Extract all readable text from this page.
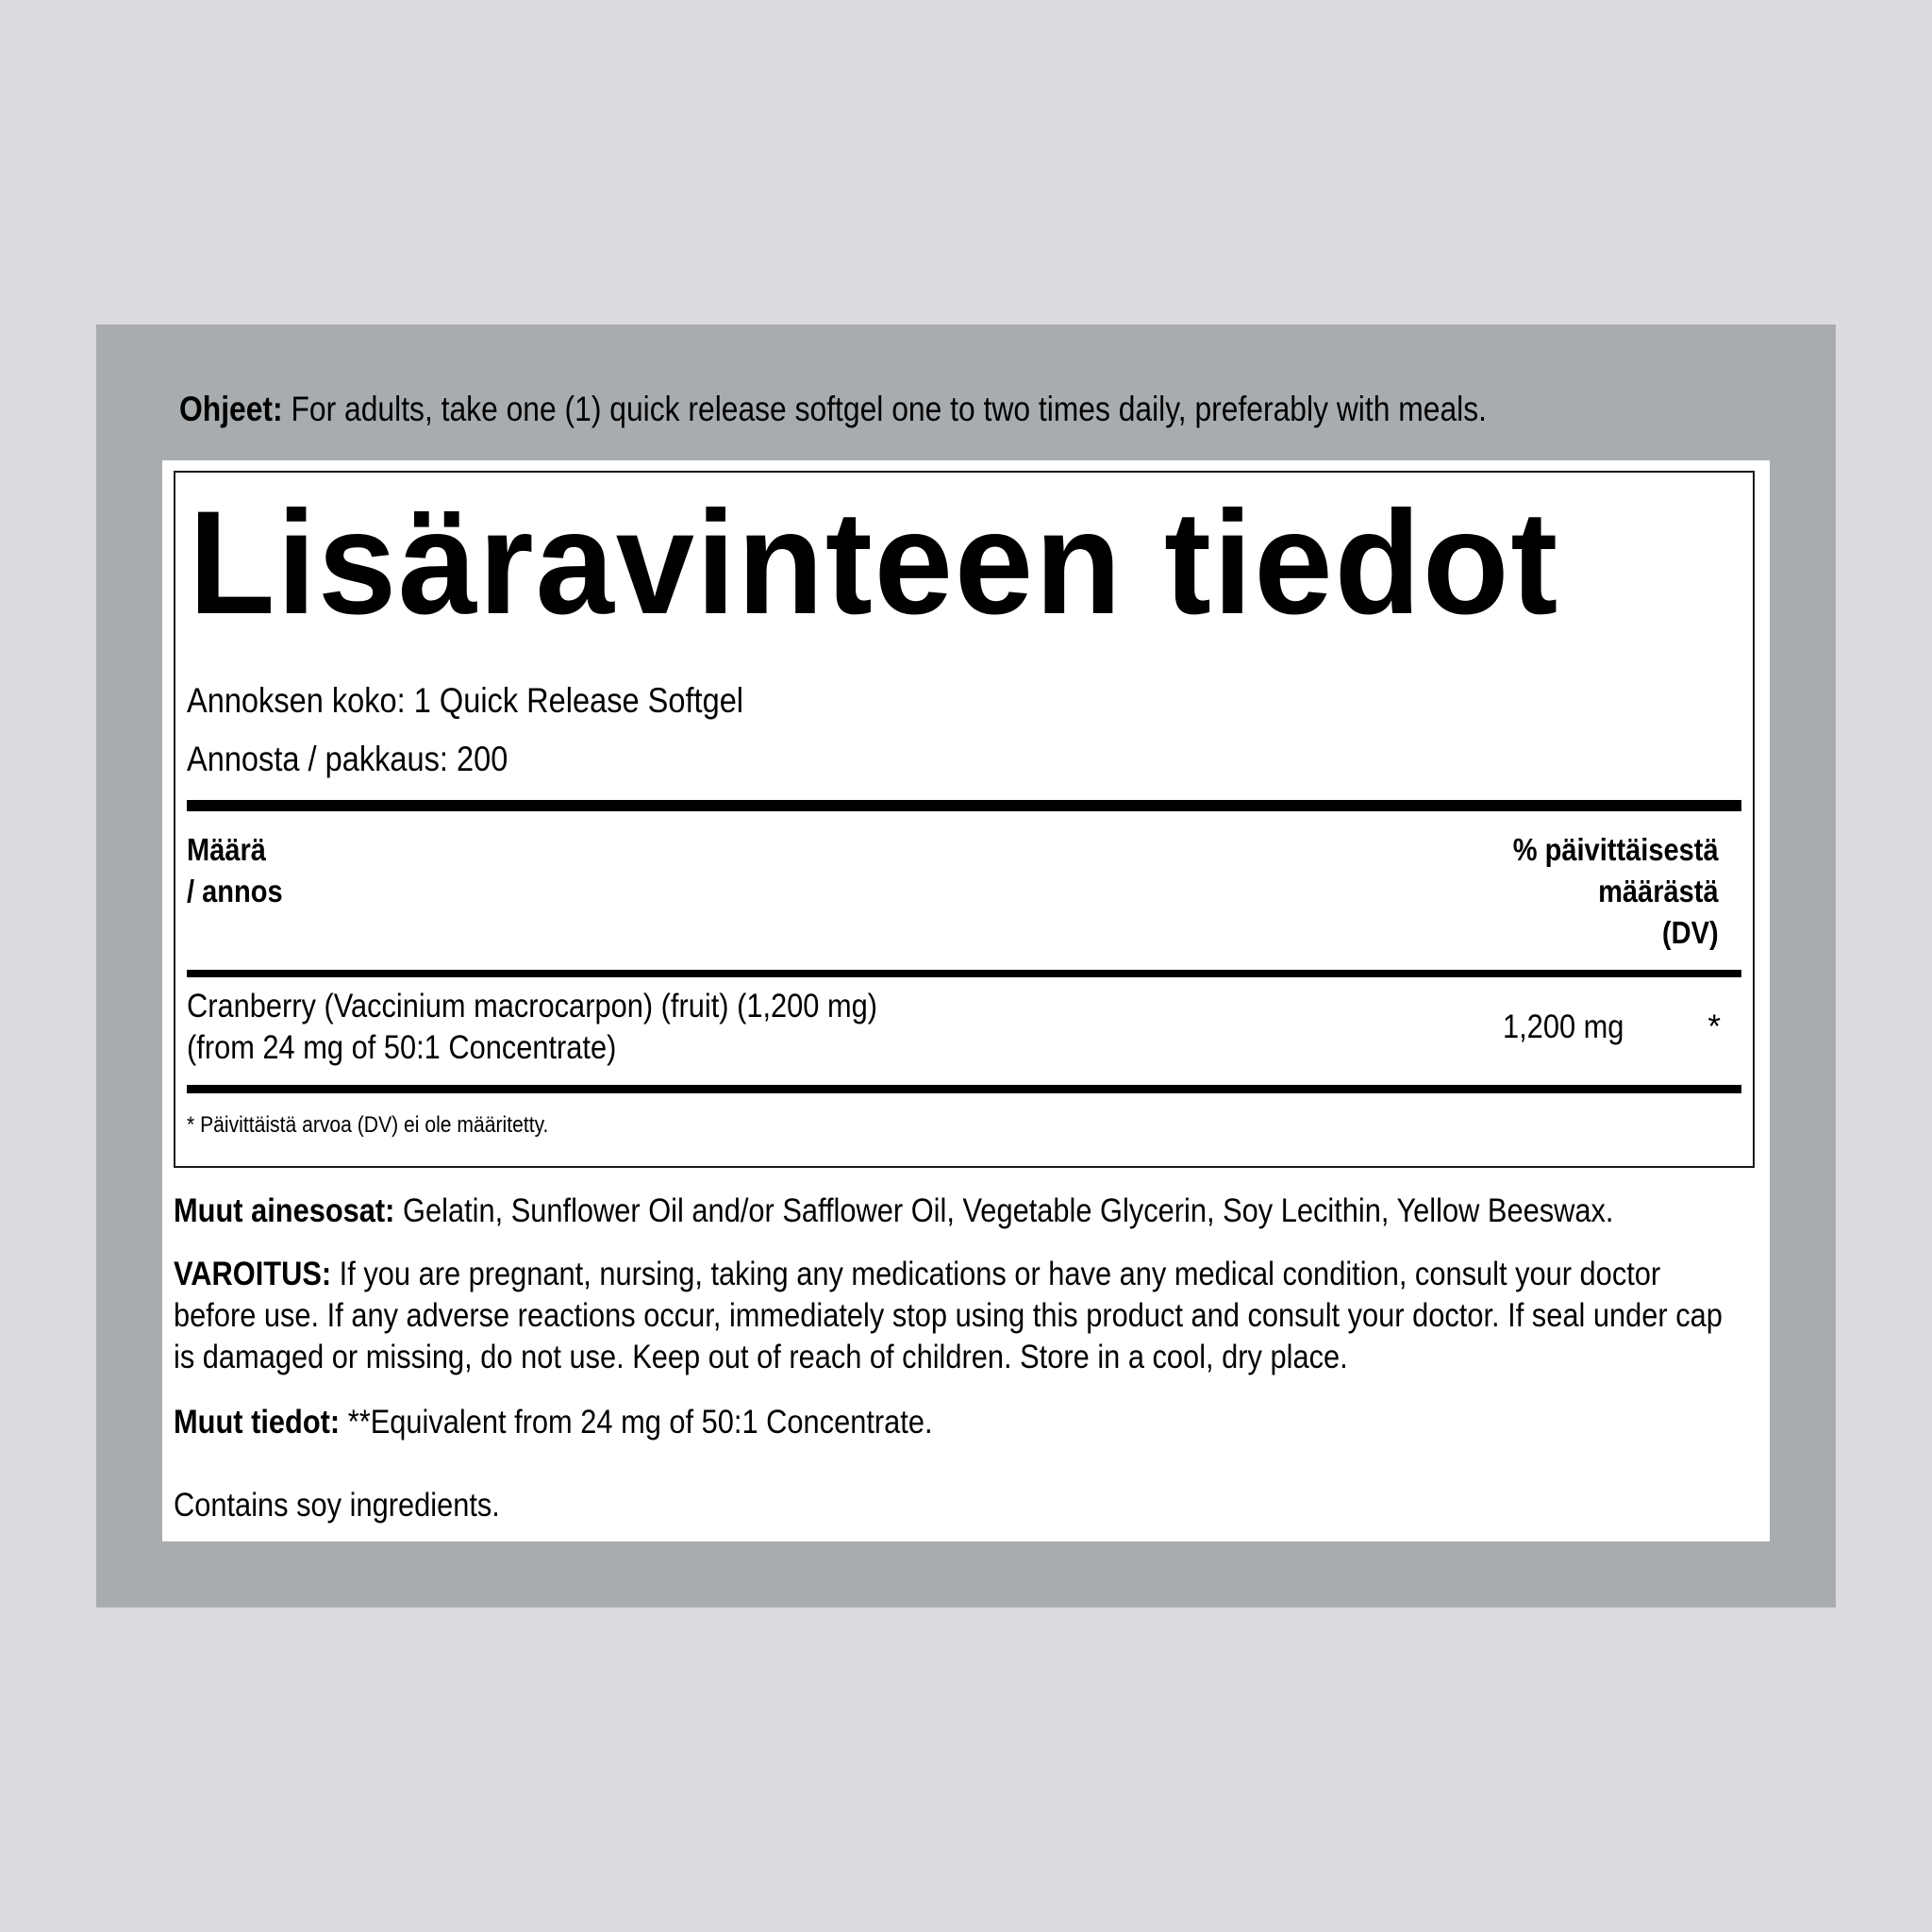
Ohjeet: For adults, take one (1) quick release softgel one to two times daily, preferably with meals.
Lisäravinteen tiedot
Annoksen koko: 1 Quick Release Softgel
Annosta / pakkaus: 200
Määrä
/ annos
% päivittäisestä
määrästä
(DV)
Cranberry (Vaccinium macrocarpon) (fruit) (1,200 mg)
(from 24 mg of 50:1 Concentrate)
1,200 mg	*
* Päivittäistä arvoa (DV) ei ole määritetty.
Muut ainesosat: Gelatin, Sunflower Oil and/or Safflower Oil, Vegetable Glycerin, Soy Lecithin, Yellow Beeswax.
VAROITUS: If you are pregnant, nursing, taking any medications or have any medical condition, consult your doctor before use. If any adverse reactions occur, immediately stop using this product and consult your doctor. If seal under cap is damaged or missing, do not use. Keep out of reach of children. Store in a cool, dry place.
Muut tiedot: **Equivalent from 24 mg of 50:1 Concentrate.
Contains soy ingredients.
